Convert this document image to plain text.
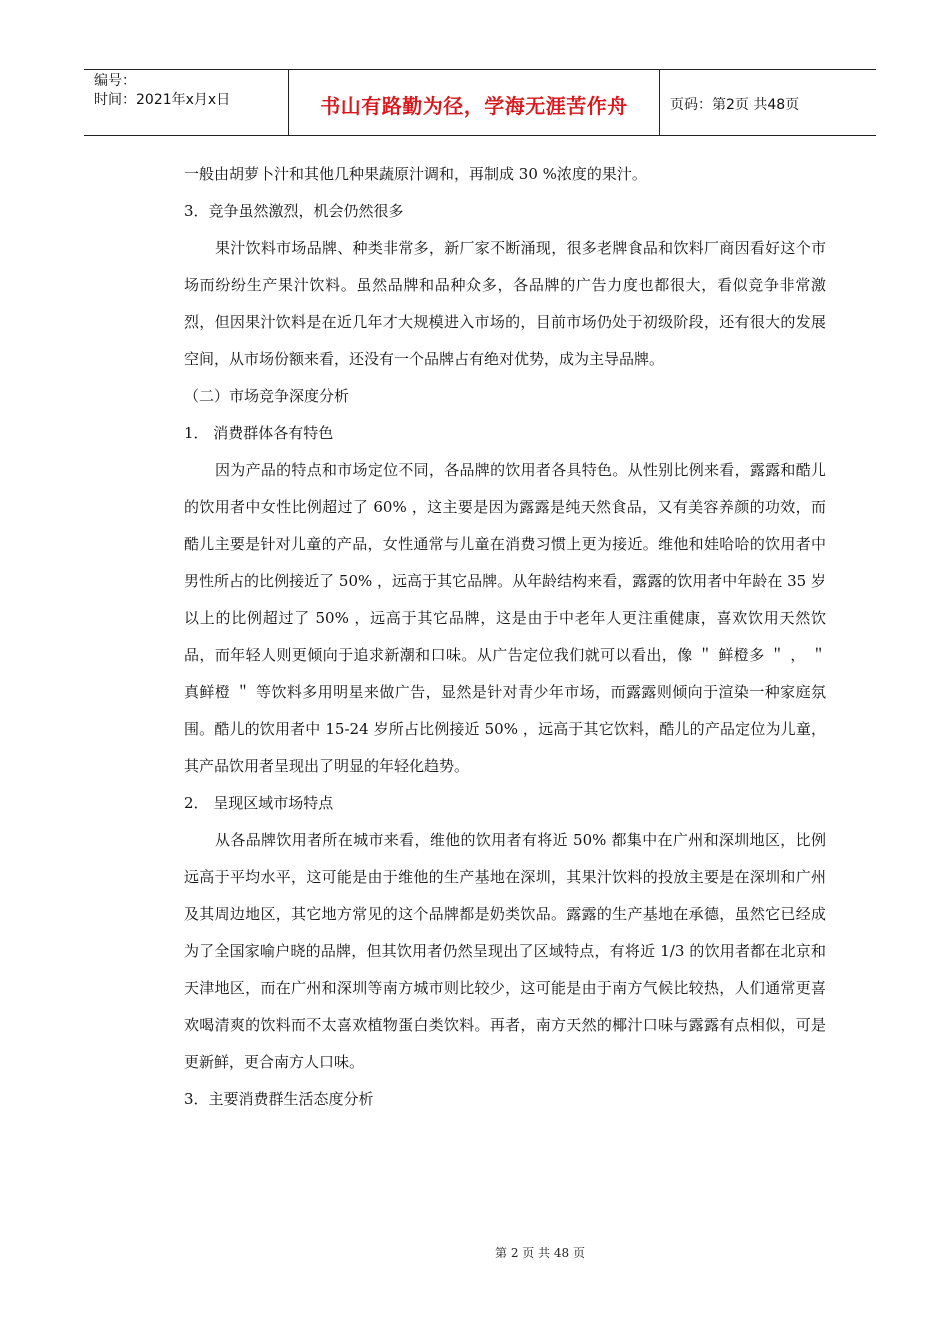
编号：
时间：2021年x月x日	书山有路勤为径，学海无涯苦作舟	页码：第2页 共48页

一般由胡萝卜汁和其他几种果蔬原汁调和，再制成 30 %浓度的果汁。

3．竞争虽然激烈，机会仍然很多

果汁饮料市场品牌、种类非常多，新厂家不断涌现，很多老牌食品和饮料厂商因看好这个市场而纷纷生产果汁饮料。虽然品牌和品种众多，各品牌的广告力度也都很大，看似竞争非常激烈，但因果汁饮料是在近几年才大规模进入市场的，目前市场仍处于初级阶段，还有很大的发展空间，从市场份额来看，还没有一个品牌占有绝对优势，成为主导品牌。

（二）市场竞争深度分析

1． 消费群体各有特色

因为产品的特点和市场定位不同，各品牌的饮用者各具特色。从性别比例来看，露露和酷儿的饮用者中女性比例超过了 60% ，这主要是因为露露是纯天然食品，又有美容养颜的功效，而酷儿主要是针对儿童的产品，女性通常与儿童在消费习惯上更为接近。维他和娃哈哈的饮用者中男性所占的比例接近了 50% ，远高于其它品牌。从年龄结构来看，露露的饮用者中年龄在 35 岁以上的比例超过了 50% ，远高于其它品牌，这是由于中老年人更注重健康，喜欢饮用天然饮品，而年轻人则更倾向于追求新潮和口味。从广告定位我们就可以看出，像 ＂ 鲜橙多 ＂ ， ＂ 真鲜橙 ＂ 等饮料多用明星来做广告，显然是针对青少年市场，而露露则倾向于渲染一种家庭氛围。酷儿的饮用者中 15-24 岁所占比例接近 50% ，远高于其它饮料，酷儿的产品定位为儿童，其产品饮用者呈现出了明显的年轻化趋势。

2． 呈现区域市场特点

从各品牌饮用者所在城市来看，维他的饮用者有将近 50% 都集中在广州和深圳地区，比例远高于平均水平，这可能是由于维他的生产基地在深圳，其果汁饮料的投放主要是在深圳和广州及其周边地区，其它地方常见的这个品牌都是奶类饮品。露露的生产基地在承德，虽然它已经成为了全国家喻户晓的品牌，但其饮用者仍然呈现出了区域特点，有将近 1/3 的饮用者都在北京和天津地区，而在广州和深圳等南方城市则比较少，这可能是由于南方气候比较热，人们通常更喜欢喝清爽的饮料而不太喜欢植物蛋白类饮料。再者，南方天然的椰汁口味与露露有点相似，可是更新鲜，更合南方人口味。

3．主要消费群生活态度分析

第 2 页 共 48 页
